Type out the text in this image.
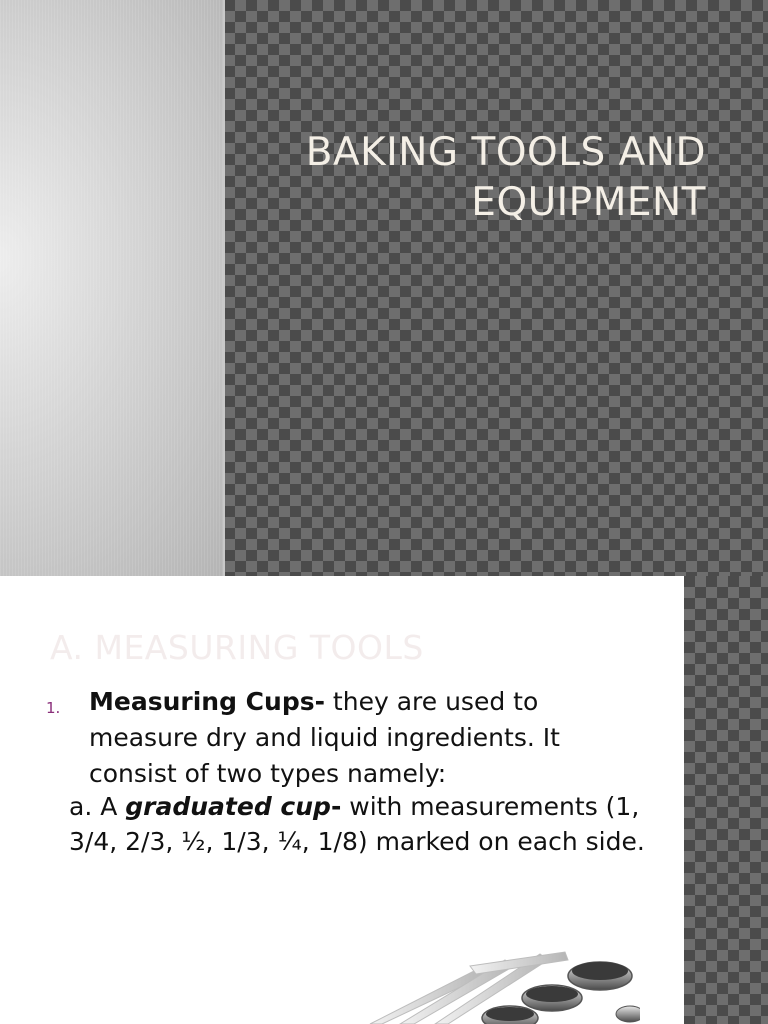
BAKING TOOLS AND
EQUIPMENT
A. MEASURING TOOLS
1. Measuring Cups- they are used to measure dry and liquid ingredients. It consist of two types namely:
a. A graduated cup- with measurements (1, 3/4, 2/3, ½, 1/3, ¼, 1/8) marked on each side.
